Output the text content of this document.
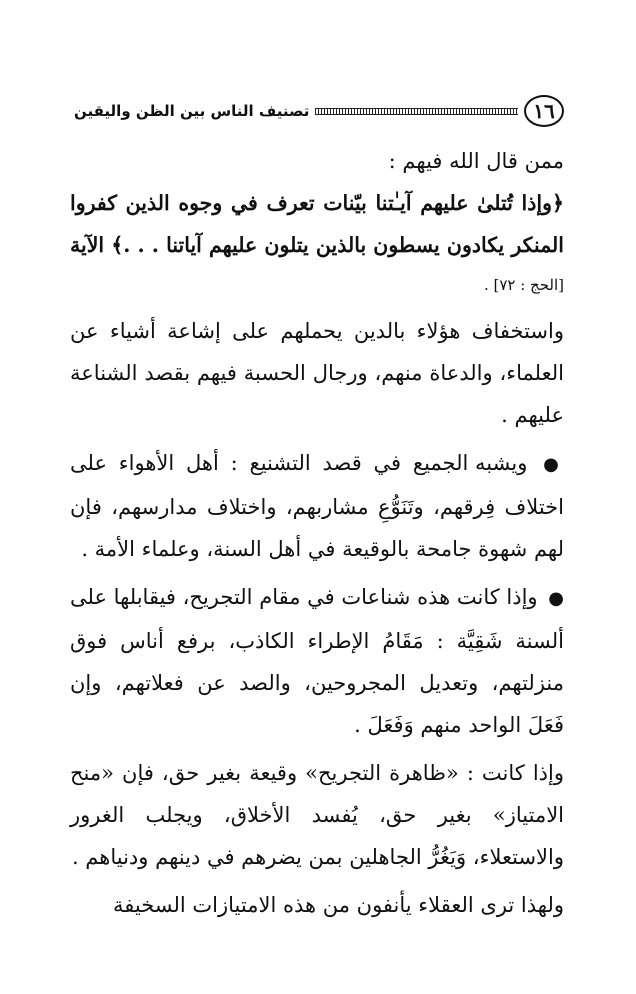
١٦
تصنيف الناس بين الظن واليقين

ممن قال الله فيهم :

﴿وإذا تُتلىٰ عليهم آيـٰتنا بيّنات تعرف في وجوه الذين كفروا المنكر يكادون يسطون بالذين يتلون عليهم آياتنا . . .﴾ الآية

[الحج : ٧٢] .

واستخفاف هؤلاء بالدين يحملهم على إشاعة أشياء عن العلماء، والدعاة منهم، ورجال الحسبة فيهم بقصد الشناعة عليهم .

● ويشبه الجميع في قصد التشنيع : أهل الأهواء على اختلاف فِرقهم، وتَنَوُّعِ مشاربهم، واختلاف مدارسهم، فإن لهم شهوة جامحة بالوقيعة في أهل السنة، وعلماء الأمة .

● وإذا كانت هذه شناعات في مقام التجريح، فيقابلها على ألسنة شَقِيَّة : مَقَامُ الإطراء الكاذب، برفع أناس فوق منزلتهم، وتعديل المجروحين، والصد عن فعلاتهم، وإن فَعَلَ الواحد منهم وَفَعَلَ .

وإذا كانت : «ظاهرة التجريح» وقيعة بغير حق، فإن «منح الامتياز» بغير حق، يُفسد الأخلاق، ويجلب الغرور والاستعلاء، وَيَغُرُّ الجاهلين بمن يضرهم في دينهم ودنياهم .

ولهذا ترى العقلاء يأنفون من هذه الامتيازات السخيفة
